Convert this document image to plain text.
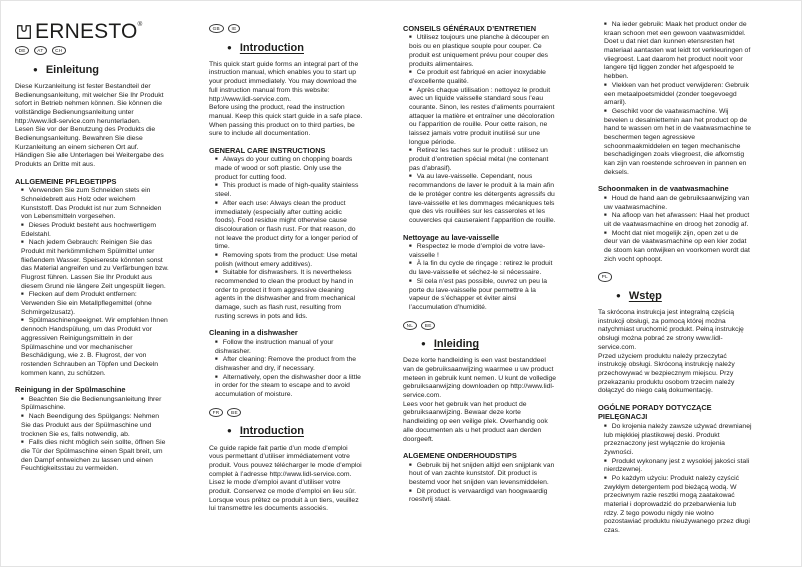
ERNESTO ®
DE AT CH
● Einleitung

Diese Kurzanleitung ist fester Bestandteil der Bedienungsanleitung, mit welcher Sie Ihr Produkt sofort in Betrieb nehmen können. Sie können die vollständige Bedienungsanleitung unter http://www.lidl-service.com herunterladen.

Lesen Sie vor der Benutzung des Produkts die Bedienungsanleitung. Bewahren Sie diese Kurzanleitung an einem sicheren Ort auf. Händigen Sie alle Unterlagen bei Weitergabe des Produkts an Dritte mit aus.

ALLGEMEINE PFLEGETIPPS
■ Verwenden Sie zum Schneiden stets ein Schneidebrett aus Holz oder weichem Kunststoff. Das Produkt ist nur zum Schneiden von Lebensmitteln vorgesehen.
■ Dieses Produkt besteht aus hochwertigem Edelstahl.
■ Nach jedem Gebrauch: Reinigen Sie das Produkt mit herkömmlichem Spülmittel unter fließendem Wasser. Speisereste könnten sonst das Material angreifen und zu Verfärbungen bzw. Flugrost führen. Lassen Sie Ihr Produkt aus diesem Grund nie längere Zeit ungespült liegen.
■ Flecken auf dem Produkt entfernen: Verwenden Sie ein Metallpflegemittel (ohne Schmirgelzusatz).
■ Spülmaschinengeeignet. Wir empfehlen Ihnen dennoch Handspülung, um das Produkt vor aggressiven Reinigungsmitteln in der Spülmaschine und vor mechanischer Beschädigung, wie z. B. Flugrost, der von rostenden Schrauben an Töpfen und Deckeln kommen kann, zu schützen.
Reinigung in der Spülmaschine
■ Beachten Sie die Bedienungsanleitung Ihrer Spülmaschine.
■ Nach Beendigung des Spülgangs: Nehmen Sie das Produkt aus der Spülmaschine und trocknen Sie es, falls notwendig, ab.
■ Falls dies nicht möglich sein sollte, öffnen Sie die Tür der Spülmaschine einen Spalt breit, um den Dampf entweichen zu lassen und einen Feuchtigkeitsstau zu vermeiden.
GB IE
● Introduction

This quick start guide forms an integral part of the instruction manual, which enables you to start up your product immediately. You may download the full instruction manual from this website: http://www.lidl-service.com.

Before using the product, read the instruction manual. Keep this quick start guide in a safe place. When passing this product on to third parties, be sure to include all documentation.

GENERAL CARE INSTRUCTIONS
■ Always do your cutting on chopping boards made of wood or soft plastic. Only use the product for cutting food.
■ This product is made of high-quality stainless steel.
■ After each use: Always clean the product immediately (especially after cutting acidic foods). Food residue might otherwise cause discolouration or flash rust. For that reason, do not leave the product dirty for a longer period of time.
■ Removing spots from the product: Use metal polish (without emery additives).
■ Suitable for dishwashers. It is nevertheless recommended to clean the product by hand in order to protect it from aggressive cleaning agents in the dishwasher and from mechanical damage, such as flash rust, resulting from rusting screws in pots and lids.
Cleaning in a dishwasher
■ Follow the instruction manual of your dishwasher.
■ After cleaning: Remove the product from the dishwasher and dry, if necessary.
■ Alternatively, open the dishwasher door a little in order for the steam to escape and to avoid accumulation of moisture.
FR BE
● Introduction

Ce guide rapide fait partie d’un mode d’emploi vous permettant d’utiliser immédiatement votre produit. Vous pouvez télécharger le mode d’emploi complet à l’adresse http://www.lidl-service.com.

Lisez le mode d’emploi avant d’utiliser votre produit. Conservez ce mode d’emploi en lieu sûr. Lorsque vous prêtez ce produit à un tiers, veuillez lui transmettre les documents associés.

CONSEILS GÉNÉRAUX D’ENTRETIEN
■ Utilisez toujours une planche à découper en bois ou en plastique souple pour couper. Ce produit est uniquement prévu pour couper des produits alimentaires.
■ Ce produit est fabriqué en acier inoxydable d’excellente qualité.
■ Après chaque utilisation : nettoyez le produit avec un liquide vaisselle standard sous l’eau courante. Sinon, les restes d’aliments pourraient attaquer la matière et entraîner une décoloration ou l’apparition de rouille. Pour cette raison, ne laissez jamais votre produit inutilisé sur une longue période.
■ Retirez les taches sur le produit : utilisez un produit d’entretien spécial métal (ne contenant pas d’abrasif).
■ Va au lave-vaisselle. Cependant, nous recommandons de laver le produit à la main afin de le protéger contre les détergents agressifs du lave-vaisselle et les dommages mécaniques tels que des vis rouillées sur les casseroles et les couvercles qui causeraient l’apparition de rouille.
Nettoyage au lave-vaisselle
■ Respectez le mode d’emploi de votre lave-vaisselle !
■ À la fin du cycle de rinçage : retirez le produit du lave-vaisselle et séchez-le si nécessaire.
■ Si cela n’est pas possible, ouvrez un peu la porte du lave-vaisselle pour permettre à la vapeur de s’échapper et éviter ainsi l’accumulation d’humidité.
NL BE
● Inleiding

Deze korte handleiding is een vast bestanddeel van de gebruiksaanwijzing waarmee u uw product meteen in gebruik kunt nemen. U kunt de volledige gebruiksaanwijzing downloaden op http://www.lidl-service.com.

Lees voor het gebruik van het product de gebruiksaanwijzing. Bewaar deze korte handleiding op een veilige plek. Overhandig ook alle documenten als u het product aan derden doorgeeft.

ALGEMENE ONDERHOUDSTIPS
■ Gebruik bij het snijden altijd een snijplank van hout of van zachte kunststof. Dit product is bestemd voor het snijden van levensmiddelen.
■ Dit product is vervaardigd van hoogwaardig roestvrij staal.
■ Na ieder gebruik: Maak het product onder de kraan schoon met een gewoon vaatwasmiddel. Doet u dat niet dan kunnen etensresten het materiaal aantasten wat leidt tot verkleuringen of vliegroest. Laat daarom het product nooit voor langere tijd liggen zonder het afgespoeld te hebben.
■ Vlekken van het product verwijderen: Gebruik een metaalpoetsmiddel (zonder toegevoegd amaril).
■ Geschikt voor de vaatwasmachine. Wij bevelen u desalniettemin aan het product op de hand te wassen om het in de vaatwasmachine te beschermen tegen agressieve schoonmaakmiddelen en tegen mechanische beschadigingen zoals vliegroest, die afkomstig kan zijn van roestende schroeven in pannen en deksels.
Schoonmaken in de vaatwasmachine
■ Houd de hand aan de gebruiksaanwijzing van uw vaatwasmachine.
■ Na afloop van het afwassen: Haal het product uit de vaatwasmachine en droog het zonodig af.
■ Mocht dat niet mogelijk zijn, open zet u de deur van de vaatwasmachine op een kier zodat de stoom kan ontwijken en voorkomen wordt dat zich vocht ophoopt.
PL
● Wstęp

Ta skrócona instrukcja jest integralną częścią instrukcji obsługi, za pomocą której można natychmiast uruchomić produkt. Pełną instrukcję obsługi można pobrać ze strony www.lidl-service.com.

Przed użyciem produktu należy przeczytać instrukcję obsługi. Skróconą instrukcję należy przechowywać w bezpiecznym miejscu. Przy przekazaniu produktu osobom trzecim należy dołączyć do niego całą dokumentację.

OGÓLNE PORADY DOTYCZĄCE PIELĘGNACJI
■ Do krojenia należy zawsze używać drewnianej lub miękkiej plastikowej deski. Produkt przeznaczony jest wyłącznie do krojenia żywności.
■ Produkt wykonany jest z wysokiej jakości stali nierdzewnej.
■ Po każdym użyciu: Produkt należy czyścić zwykłym detergentem pod bieżącą wodą. W przeciwnym razie resztki mogą zaatakować materiał i doprowadzić do przebarwienia lub rdzy. Z tego powodu nigdy nie wolno pozostawiać produktu nieużywanego przez długi czas.
